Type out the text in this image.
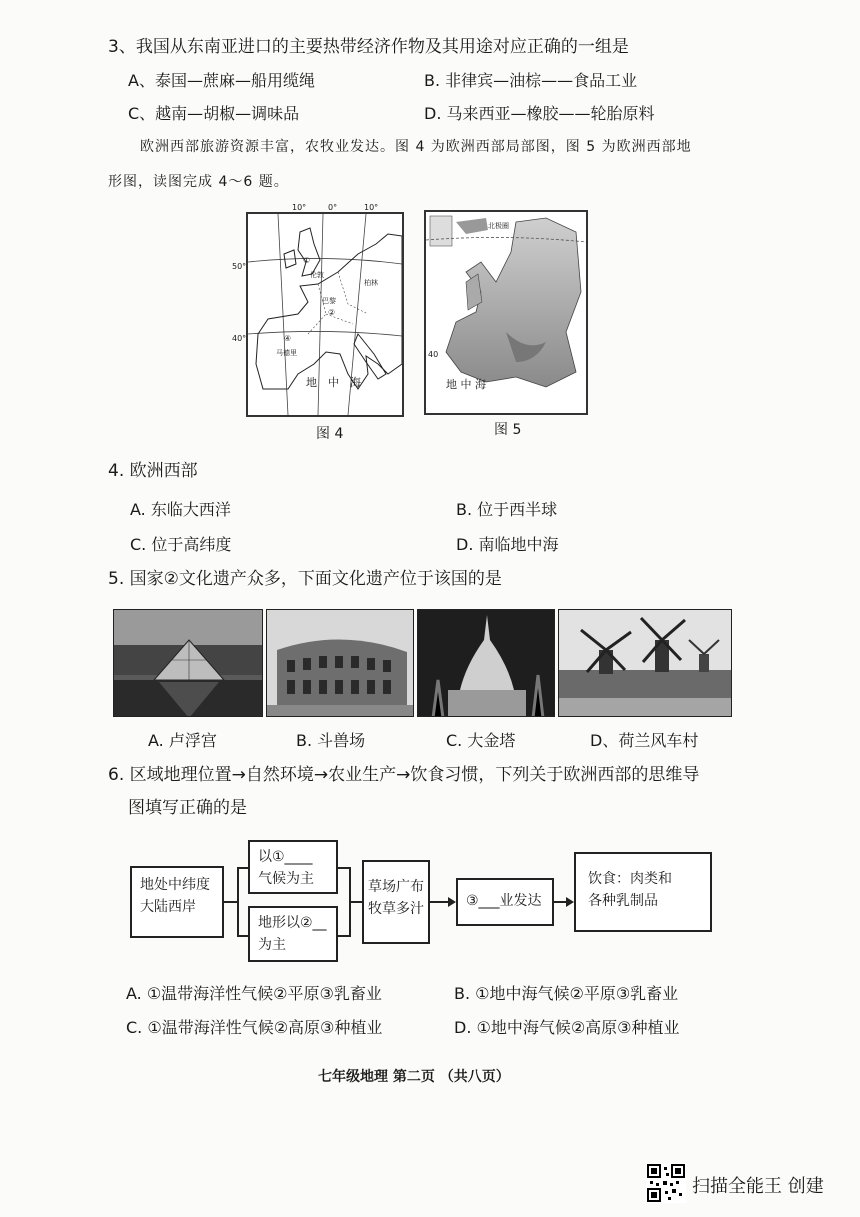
3、我国从东南亚进口的主要热带经济作物及其用途对应正确的一组是
A、泰国—蔗麻—船用缆绳	B. 非律宾—油棕——食品工业
C、越南—胡椒—调味品	D. 马来西亚—橡胶——轮胎原料
欧洲西部旅游资源丰富，农牧业发达。图 4 为欧洲西部局部图，图 5 为欧洲西部地
形图，读图完成 4～6 题。
10°	0°	10°
50°
40°
①
伦敦
柏林
巴黎
②
④
马德里
地 中 海
图 4
北极圈
地 中 海
40
图 5
4. 欧洲西部
A. 东临大西洋	B. 位于西半球
C. 位于高纬度	D. 南临地中海
5. 国家②文化遗产众多，下面文化遗产位于该国的是
A. 卢浮宫	B. 斗兽场	C. 大金塔	D、荷兰风车村
6. 区域地理位置→自然环境→农业生产→饮食习惯，下列关于欧洲西部的思维导
图填写正确的是
地处中纬度
大陆西岸
以①____
气候为主
地形以②__
为主
草场广布
牧草多汁	③___业发达
饮食：肉类和
各种乳制品
A. ①温带海洋性气候②平原③乳畜业	B. ①地中海气候②平原③乳畜业
C. ①温带海洋性气候②高原③种植业	D. ①地中海气候②高原③种植业
七年级地理 第二页 （共八页）
扫描全能王 创建
